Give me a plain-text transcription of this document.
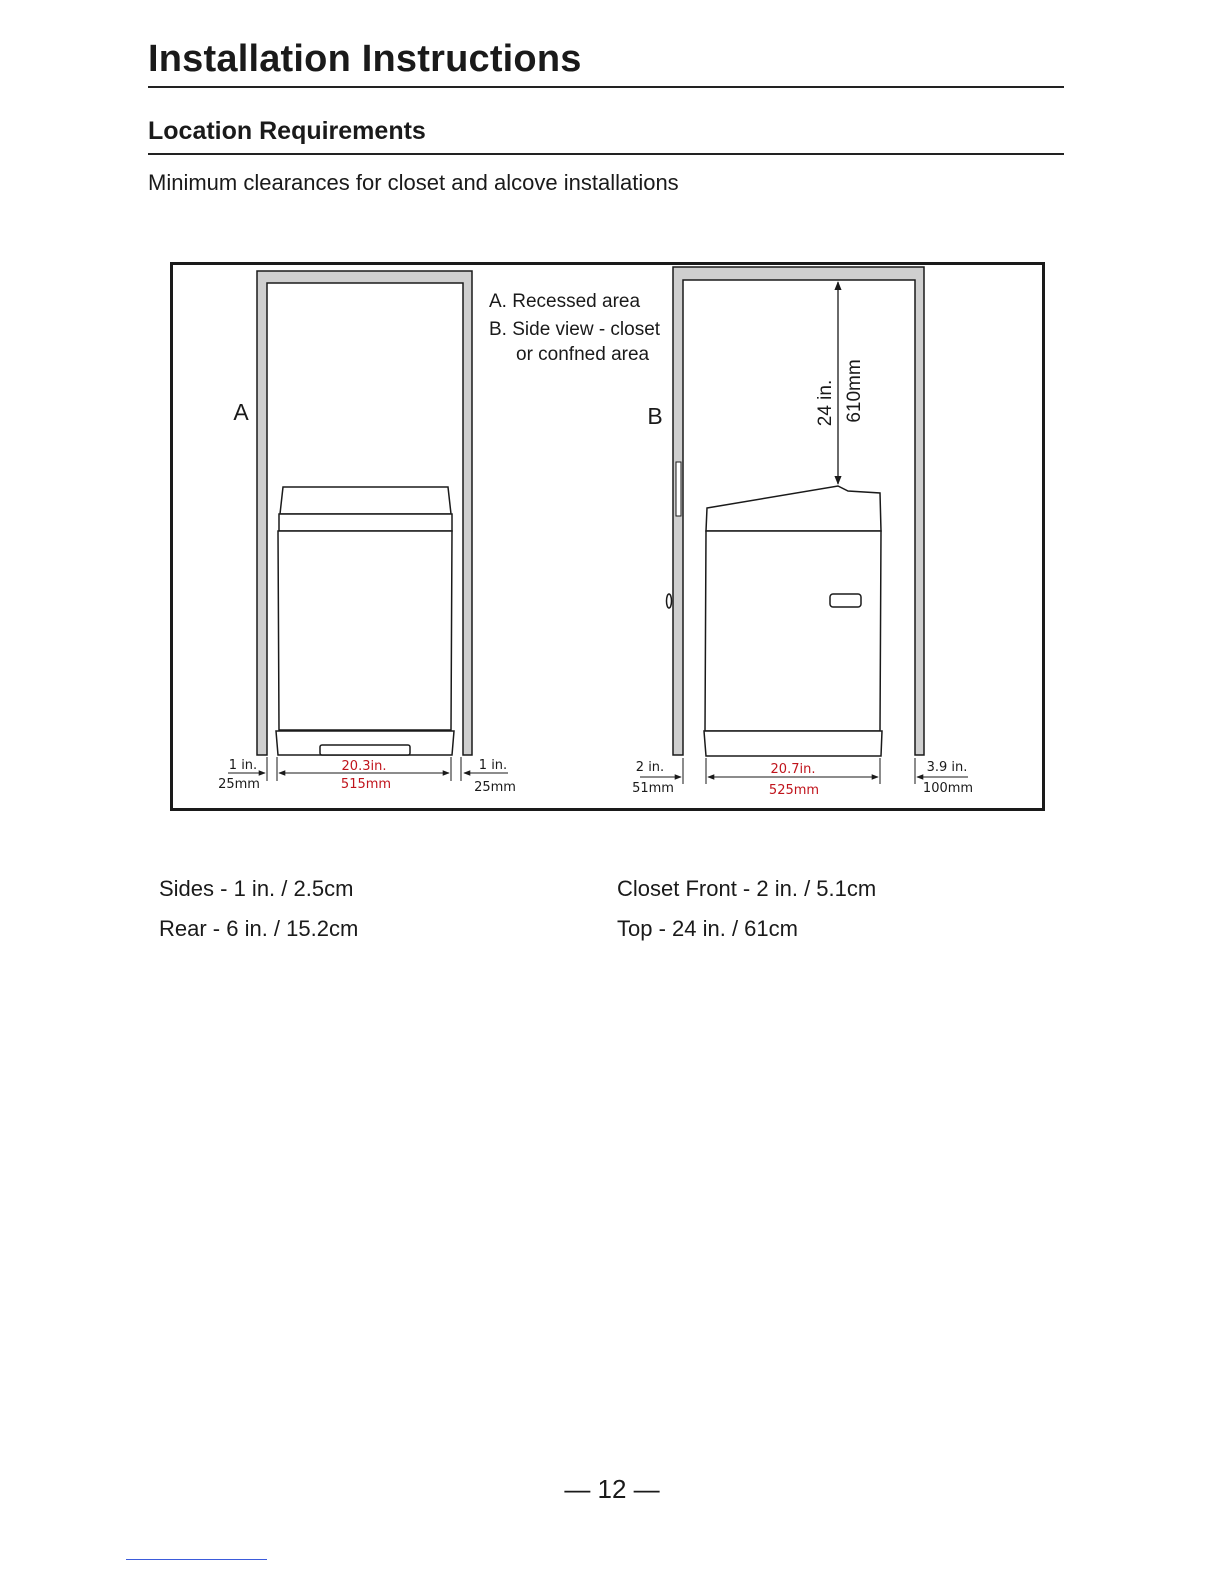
Installation Instructions
Location Requirements

Minimum clearances for closet and alcove installations

A	B
A. Recessed area
B. Side view - closet
or confned area
24 in. 610mm
1 in.
25mm
20.3in.
515mm
1 in.
25mm
2 in.
51mm
20.7in.
525mm
3.9 in.
100mm

Sides - 1 in. / 2.5cm

Rear - 6 in. / 15.2cm

Closet Front - 2 in. / 5.1cm

Top - 24 in. / 61cm

— 12 —
